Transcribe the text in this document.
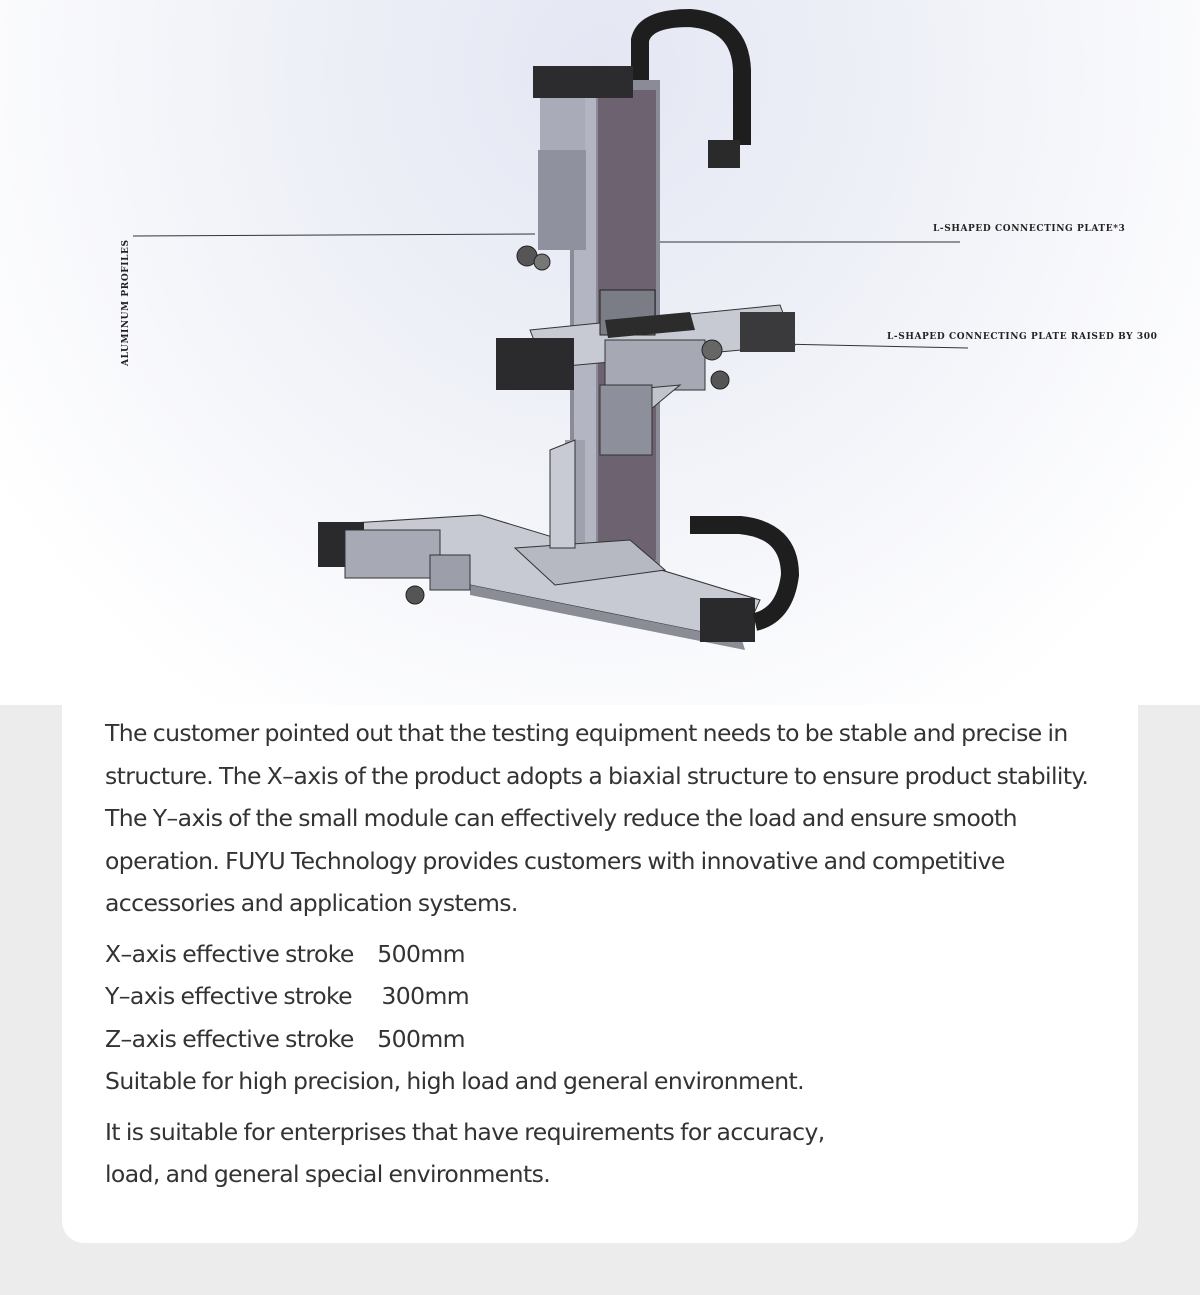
L-SHAPED CONNECTING PLATE*3
L-SHAPED CONNECTING PLATE RAISED BY 300
ALUMINUM PROFILES

The customer pointed out that the testing equipment needs to be stable and precise in structure. The X–axis of the product adopts a biaxial structure to ensure product stability. The Y–axis of the small module can effectively reduce the load and ensure smooth operation. FUYU Technology provides customers with innovative and competitive accessories and application systems.

X–axis effective stroke 500mm

Y–axis effective stroke 300mm

Z–axis effective stroke 500mm

Suitable for high precision, high load and general environment.

It is suitable for enterprises that have requirements for accuracy, load, and general special environments.
